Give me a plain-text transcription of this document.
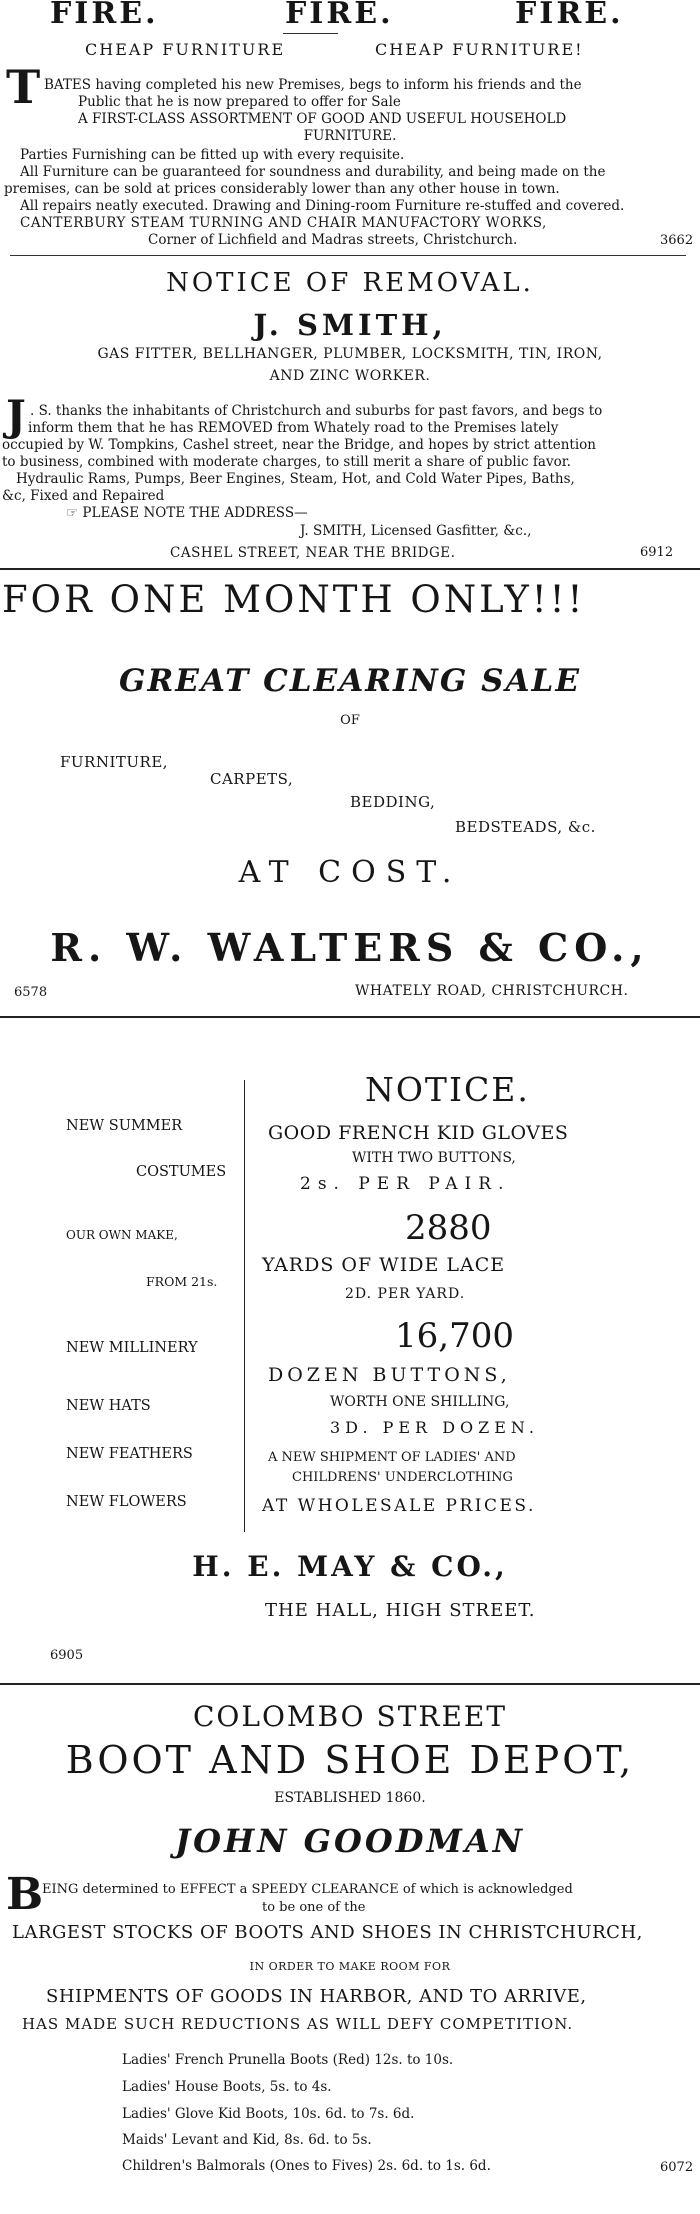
FIRE.	FIRE.	FIRE.
CHEAP FURNITURE	CHEAP FURNITURE!
T BATES having completed his new Premises, begs to inform his friends and the
Public that he is now prepared to offer for Sale
A FIRST-CLASS ASSORTMENT OF GOOD AND USEFUL HOUSEHOLD
FURNITURE.
Parties Furnishing can be fitted up with every requisite.
All Furniture can be guaranteed for soundness and durability, and being made on the
premises, can be sold at prices considerably lower than any other house in town.
All repairs neatly executed. Drawing and Dining-room Furniture re-stuffed and covered.
CANTERBURY STEAM TURNING AND CHAIR MANUFACTORY WORKS,
Corner of Lichfield and Madras streets, Christchurch.	3662
NOTICE OF REMOVAL.
J. SMITH,
GAS FITTER, BELLHANGER, PLUMBER, LOCKSMITH, TIN, IRON,
AND ZINC WORKER.
J . S. thanks the inhabitants of Christchurch and suburbs for past favors, and begs to
inform them that he has REMOVED from Whately road to the Premises lately
occupied by W. Tompkins, Cashel street, near the Bridge, and hopes by strict attention
to business, combined with moderate charges, to still merit a share of public favor.
Hydraulic Rams, Pumps, Beer Engines, Steam, Hot, and Cold Water Pipes, Baths,
&c, Fixed and Repaired
☞ PLEASE NOTE THE ADDRESS—
J. SMITH, Licensed Gasfitter, &c.,
CASHEL STREET, NEAR THE BRIDGE.	6912
FOR ONE MONTH ONLY!!!
GREAT CLEARING SALE
OF
FURNITURE,
CARPETS,
BEDDING,
BEDSTEADS, &c.
AT COST.
R. W. WALTERS & CO.,
6578	WHATELY ROAD, CHRISTCHURCH.
NEW SUMMER
COSTUMES
OUR OWN MAKE,
FROM 21s.
NEW MILLINERY
NEW HATS
NEW FEATHERS
NEW FLOWERS
NOTICE.
GOOD FRENCH KID GLOVES
WITH TWO BUTTONS,
2s. PER PAIR.
2880
YARDS OF WIDE LACE
2D. PER YARD.
16,700
DOZEN BUTTONS,
WORTH ONE SHILLING,
3D. PER DOZEN.
A NEW SHIPMENT OF LADIES' AND
CHILDRENS' UNDERCLOTHING
AT WHOLESALE PRICES.
H. E. MAY & CO.,
THE HALL, HIGH STREET.
6905
COLOMBO STREET
BOOT AND SHOE DEPOT,
ESTABLISHED 1860.
JOHN GOODMAN
B
EING determined to EFFECT a SPEEDY CLEARANCE of which is acknowledged
to be one of the
LARGEST STOCKS OF BOOTS AND SHOES IN CHRISTCHURCH,
IN ORDER TO MAKE ROOM FOR
SHIPMENTS OF GOODS IN HARBOR, AND TO ARRIVE,
HAS MADE SUCH REDUCTIONS AS WILL DEFY COMPETITION.
Ladies' French Prunella Boots (Red) 12s. to 10s.
Ladies' House Boots, 5s. to 4s.
Ladies' Glove Kid Boots, 10s. 6d. to 7s. 6d.
Maids' Levant and Kid, 8s. 6d. to 5s.
Children's Balmorals (Ones to Fives) 2s. 6d. to 1s. 6d.	6072
